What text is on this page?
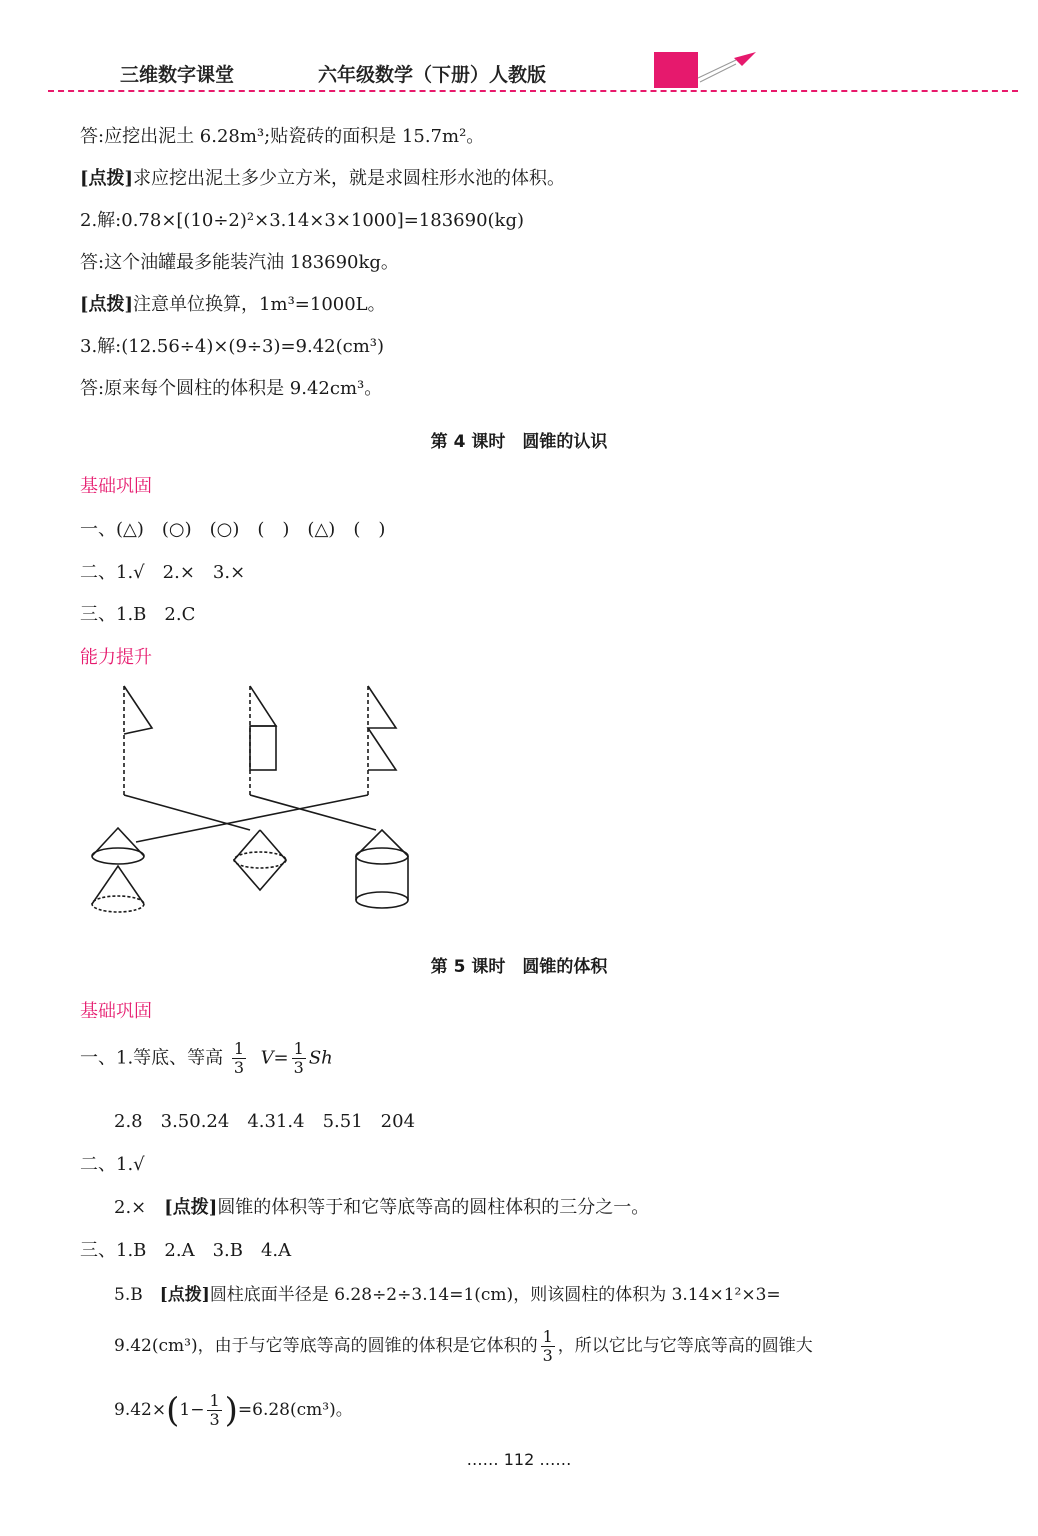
三维数字课堂	六年级数学（下册）人教版
答:应挖出泥土 6.28m³;贴瓷砖的面积是 15.7m²。
[点拨]求应挖出泥土多少立方米，就是求圆柱形水池的体积。
2.解:0.78×[(10÷2)²×3.14×3×1000]=183690(kg)
答:这个油罐最多能装汽油 183690kg。
[点拨]注意单位换算，1m³=1000L。
3.解:(12.56÷4)×(9÷3)=9.42(cm³)
答:原来每个圆柱的体积是 9.42cm³。
第 4 课时　圆锥的认识
基础巩固
一、(△)　(○)　(○)　(　)　(△)　(　)
二、1.√　2.×　3.×
三、1.B　2.C
能力提升
第 5 课时　圆锥的体积
基础巩固
一、1.等底、等高 $\frac{1}{3} V= \frac{1}{3}$ Sh
2.8　3.50.24　4.31.4　5.51　204
二、1.√
2.×　[点拨]圆锥的体积等于和它等底等高的圆柱体积的三分之一。
三、1.B　2.A　3.B　4.A
5.B　[点拨]圆柱底面半径是 6.28÷2÷3.14=1(cm)，则该圆柱的体积为 3.14×1²×3=
9.42(cm³)，由于与它等底等高的圆锥的体积是它体积的 $\frac{1}{3}$ ，所以它比与它等底等高的圆锥大
$9.42\times(1- \frac{1}{3} )=6.28(cm^3)$。
…… 112 ……
